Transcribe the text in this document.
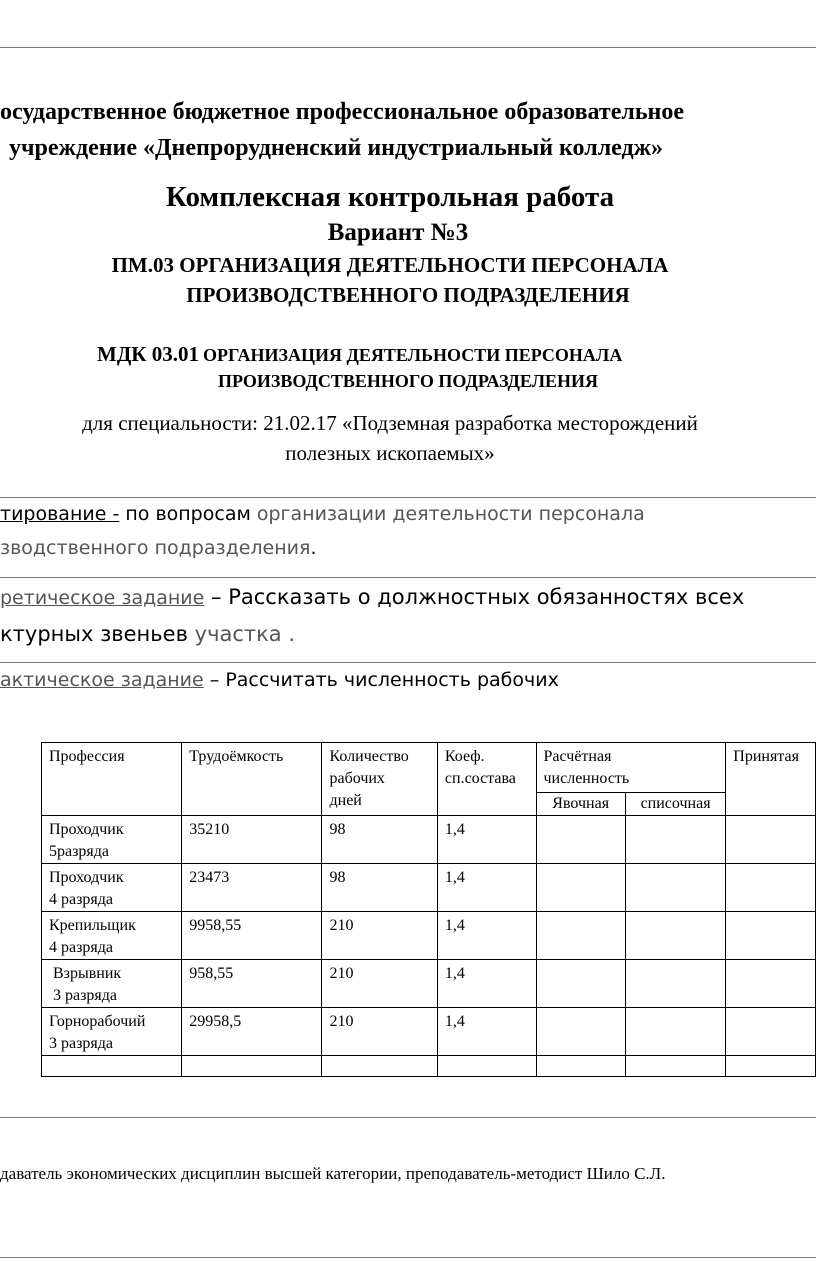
осударственное бюджетное профессиональное образовательное
учреждение «Днепрорудненский индустриальный колледж»
Комплексная контрольная работа
Вариант №3
ПМ.03 ОРГАНИЗАЦИЯ ДЕЯТЕЛЬНОСТИ ПЕРСОНАЛА
ПРОИЗВОДСТВЕННОГО ПОДРАЗДЕЛЕНИЯ
МДК 03.01 ОРГАНИЗАЦИЯ ДЕЯТЕЛЬНОСТИ ПЕРСОНАЛА
ПРОИЗВОДСТВЕННОГО ПОДРАЗДЕЛЕНИЯ
для специальности: 21.02.17 «Подземная разработка месторождений
полезных ископаемых»
тирование - по вопросам организации деятельности персонала
зводственного подразделения.
ретическое задание – Рассказать о должностных обязанностях всех
ктурных звеньев участка .
актическое задание – Рассчитать численность рабочих
Профессия	Трудоёмкость	Количество
рабочих
дней	Коеф.
сп.состава	Расчётная
численность		Принятая

				Явочная	списочная	

Проходчик
5разряда	35210	98	1,4			

Проходчик
4 разряда	23473	98	1,4			

Крепильщик
4 разряда	9958,55	210	1,4			

Взрывник
3 разряда	958,55	210	1,4			

Горнорабочий
3 разряда	29958,5	210	1,4			

даватель экономических дисциплин высшей категории, преподаватель-методист Шило С.Л.
